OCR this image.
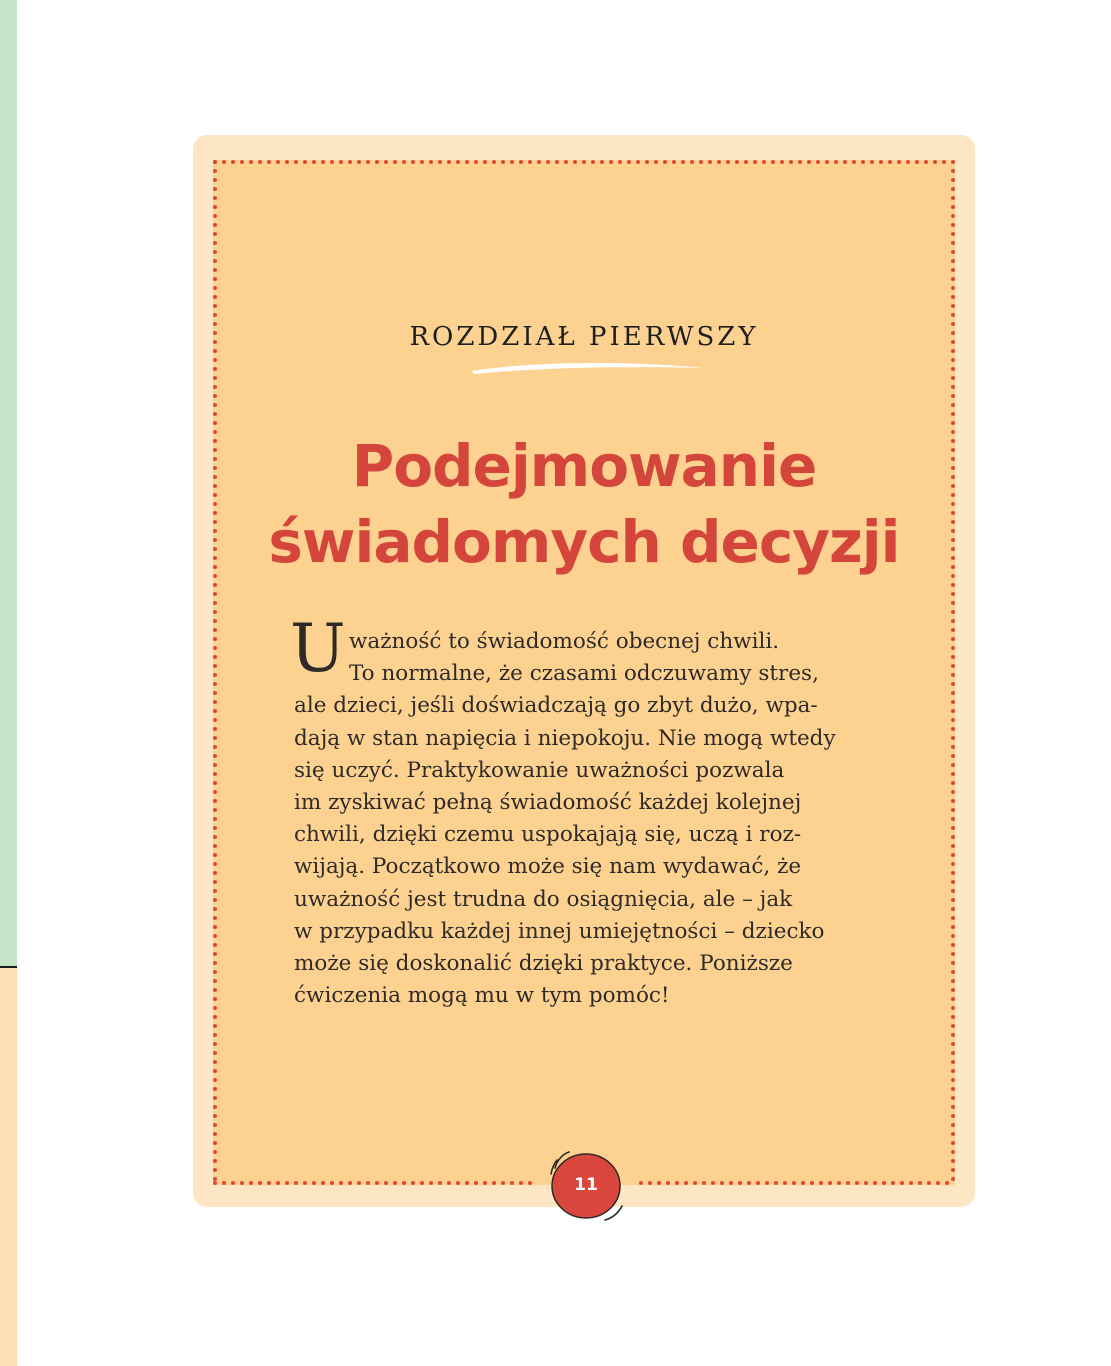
ROZDZIAŁ PIERWSZY
Podejmowanie
świadomych decyzji
U ważność to świadomość obecnej chwili.
To normalne, że czasami odczuwamy stres,
ale dzieci, jeśli doświadczają go zbyt dużo, wpa-
dają w stan napięcia i niepokoju. Nie mogą wtedy
się uczyć. Praktykowanie uważności pozwala
im zyskiwać pełną świadomość każdej kolejnej
chwili, dzięki czemu uspokajają się, uczą i roz-
wijają. Początkowo może się nam wydawać, że
uważność jest trudna do osiągnięcia, ale – jak
w przypadku każdej innej umiejętności – dziecko
może się doskonalić dzięki praktyce. Poniższe
ćwiczenia mogą mu w tym pomóc!
11
